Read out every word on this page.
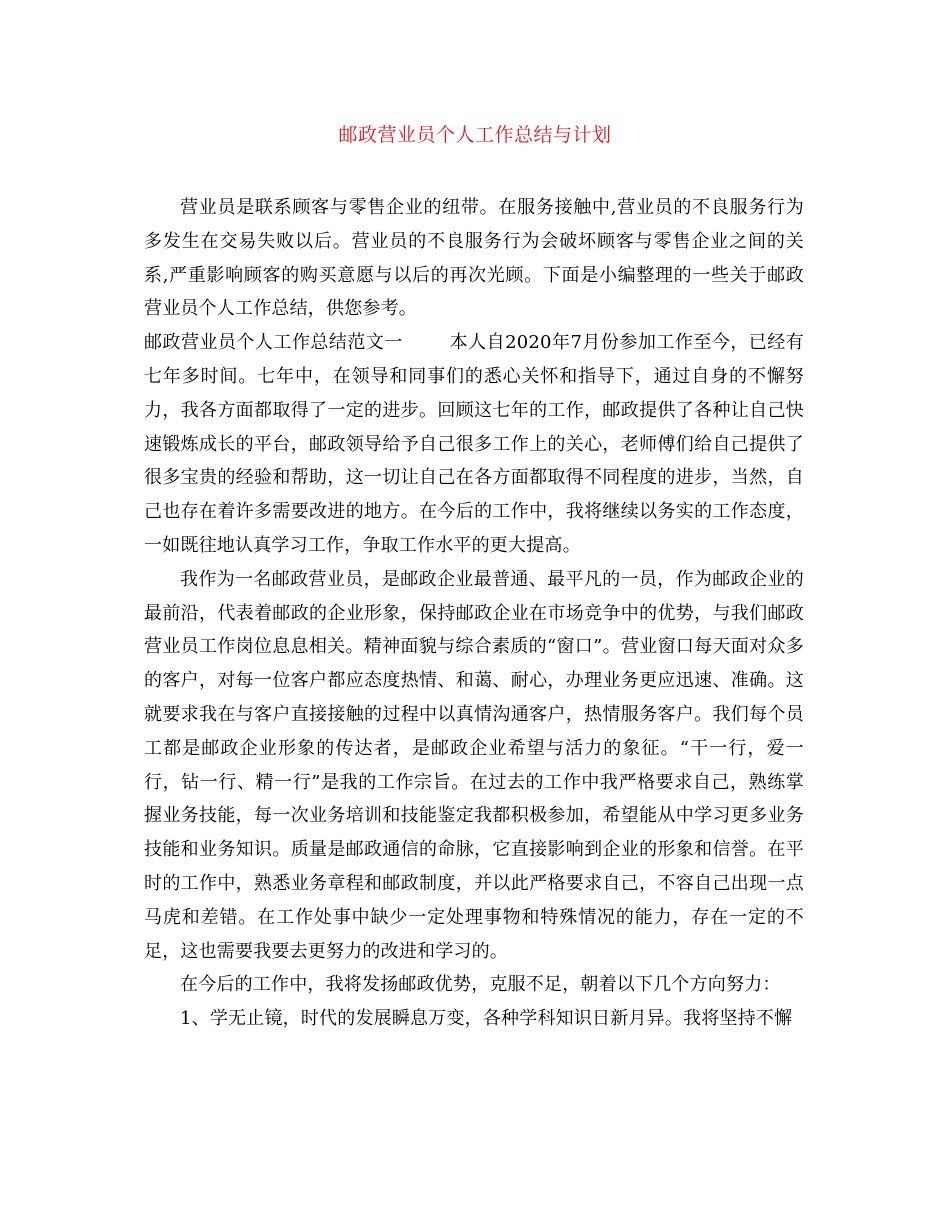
邮政营业员个人工作总结与计划

营业员是联系顾客与零售企业的纽带。在服务接触中,营业员的不良服务行为多发生在交易失败以后。营业员的不良服务行为会破坏顾客与零售企业之间的关系,严重影响顾客的购买意愿与以后的再次光顾。下面是小编整理的一些关于邮政营业员个人工作总结，供您参考。

邮政营业员个人工作总结范文一	本人自2020年7月份参加工作至今，已经有七年多时间。七年中，在领导和同事们的悉心关怀和指导下，通过自身的不懈努力，我各方面都取得了一定的进步。回顾这七年的工作，邮政提供了各种让自己快速锻炼成长的平台，邮政领导给予自己很多工作上的关心，老师傅们给自己提供了很多宝贵的经验和帮助，这一切让自己在各方面都取得不同程度的进步，当然，自己也存在着许多需要改进的地方。在今后的工作中，我将继续以务实的工作态度，一如既往地认真学习工作，争取工作水平的更大提高。

我作为一名邮政营业员，是邮政企业最普通、最平凡的一员，作为邮政企业的最前沿，代表着邮政的企业形象，保持邮政企业在市场竞争中的优势，与我们邮政营业员工作岗位息息相关。精神面貌与综合素质的“窗口”。营业窗口每天面对众多的客户，对每一位客户都应态度热情、和蔼、耐心，办理业务更应迅速、准确。这就要求我在与客户直接接触的过程中以真情沟通客户，热情服务客户。我们每个员工都是邮政企业形象的传达者，是邮政企业希望与活力的象征。“干一行，爱一行，钻一行、精一行”是我的工作宗旨。在过去的工作中我严格要求自己，熟练掌握业务技能，每一次业务培训和技能鉴定我都积极参加，希望能从中学习更多业务技能和业务知识。质量是邮政通信的命脉，它直接影响到企业的形象和信誉。在平时的工作中，熟悉业务章程和邮政制度，并以此严格要求自己，不容自己出现一点马虎和差错。在工作处事中缺少一定处理事物和特殊情况的能力，存在一定的不足，这也需要我要去更努力的改进和学习的。

在今后的工作中，我将发扬邮政优势，克服不足，朝着以下几个方向努力：

1、学无止镜，时代的发展瞬息万变，各种学科知识日新月异。我将坚持不懈
